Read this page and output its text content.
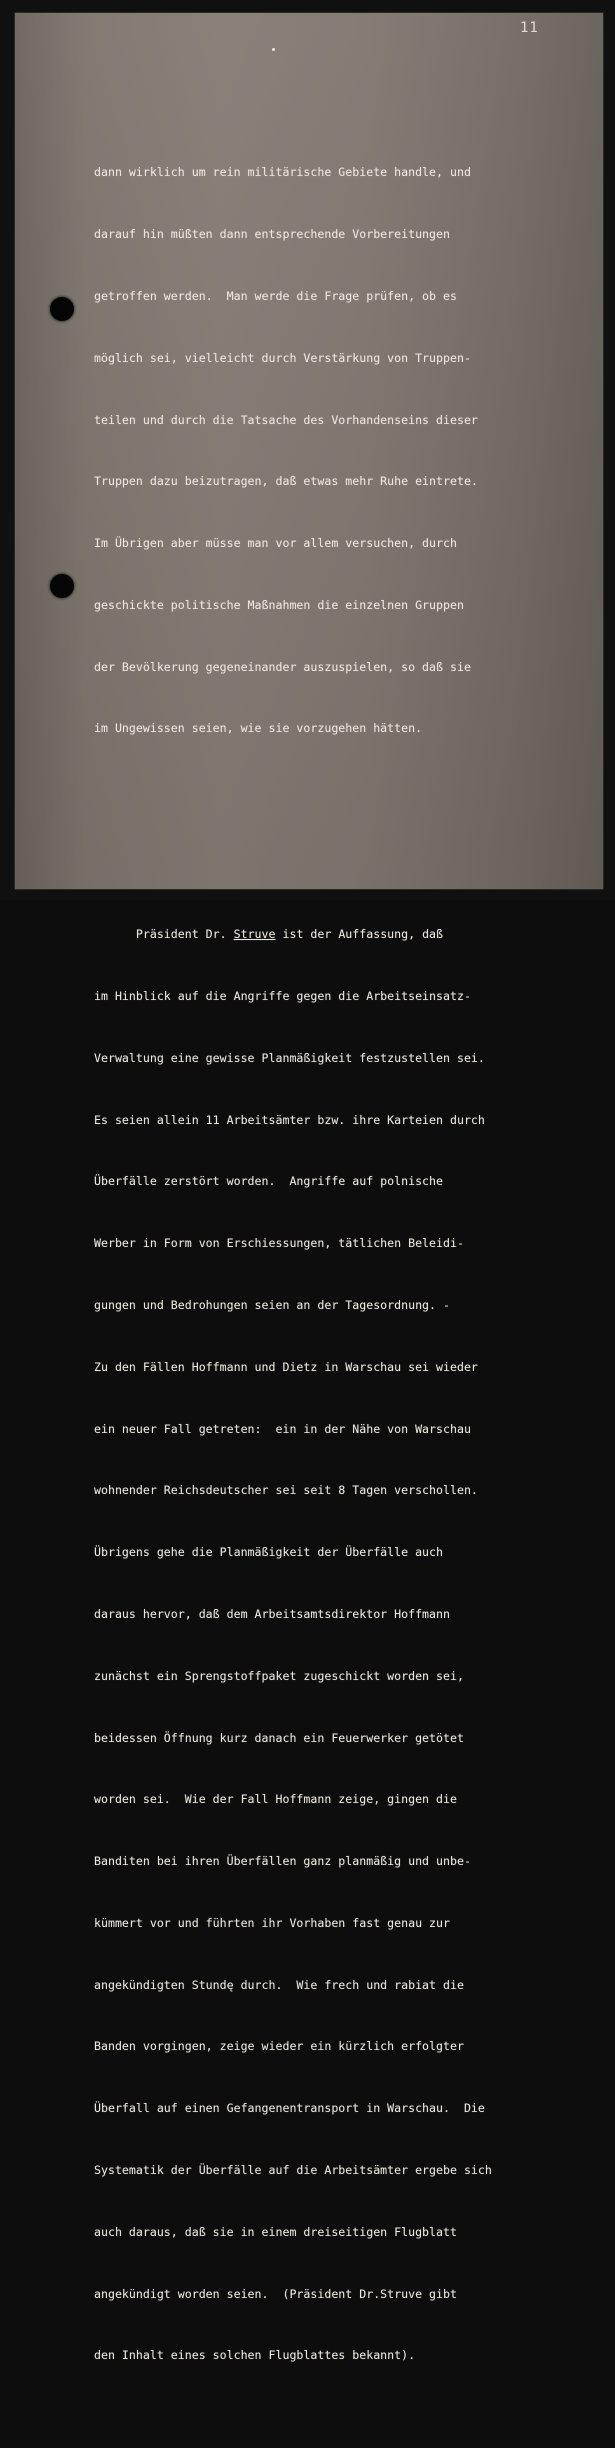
11

dann wirklich um rein militärische Gebiete handle, und

darauf hin müßten dann entsprechende Vorbereitungen

getroffen werden.  Man werde die Frage prüfen, ob es

möglich sei, vielleicht durch Verstärkung von Truppen-

teilen und durch die Tatsache des Vorhandenseins dieser

Truppen dazu beizutragen, daß etwas mehr Ruhe eintrete.

Im Übrigen aber müsse man vor allem versuchen, durch

geschickte politische Maßnahmen die einzelnen Gruppen

der Bevölkerung gegeneinander auszuspielen, so daß sie

im Ungewissen seien, wie sie vorzugehen hätten.

Präsident Dr. Struve ist der Auffassung, daß

im Hinblick auf die Angriffe gegen die Arbeitseinsatz-

Verwaltung eine gewisse Planmäßigkeit festzustellen sei.

Es seien allein 11 Arbeitsämter bzw. ihre Karteien durch

Überfälle zerstört worden.  Angriffe auf polnische

Werber in Form von Erschiessungen, tätlichen Beleidi-

gungen und Bedrohungen seien an der Tagesordnung. -

Zu den Fällen Hoffmann und Dietz in Warschau sei wieder

ein neuer Fall getreten:  ein in der Nähe von Warschau

wohnender Reichsdeutscher sei seit 8 Tagen verschollen.

Übrigens gehe die Planmäßigkeit der Überfälle auch

daraus hervor, daß dem Arbeitsamtsdirektor Hoffmann

zunächst ein Sprengstoffpaket zugeschickt worden sei,

beidessen Öffnung kurz danach ein Feuerwerker getötet

worden sei.  Wie der Fall Hoffmann zeige, gingen die

Banditen bei ihren Überfällen ganz planmäßig und unbe-

kümmert vor und führten ihr Vorhaben fast genau zur

angekündigten Stundę durch.  Wie frech und rabiat die

Banden vorgingen, zeige wieder ein kürzlich erfolgter

Überfall auf einen Gefangenentransport in Warschau.  Die

Systematik der Überfälle auf die Arbeitsämter ergebe sich

auch daraus, daß sie in einem dreiseitigen Flugblatt

angekündigt worden seien.  (Präsident Dr.Struve gibt

den Inhalt eines solchen Flugblattes bekannt).
